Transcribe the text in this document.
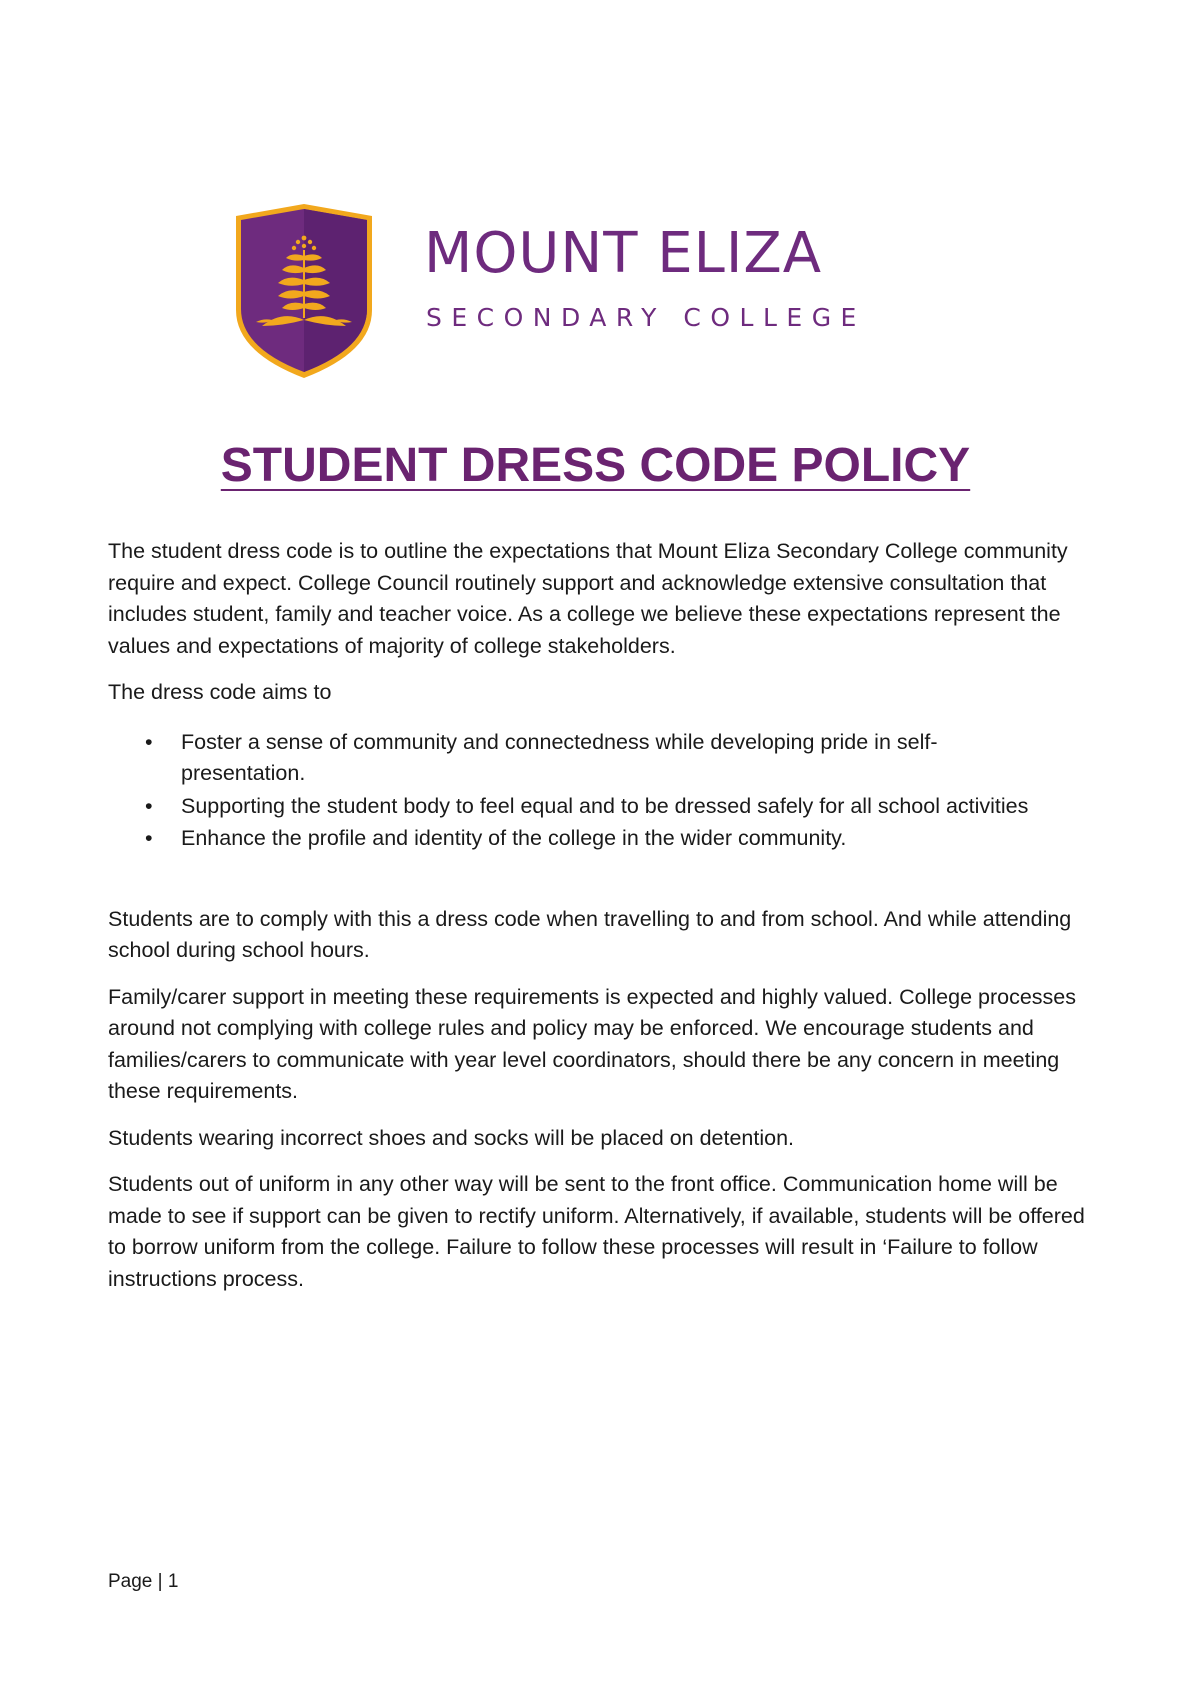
MOUNT ELIZA
SECONDARY COLLEGE
STUDENT DRESS CODE POLICY

The student dress code is to outline the expectations that Mount Eliza Secondary College community require and expect. College Council routinely support and acknowledge extensive consultation that includes student, family and teacher voice. As a college we believe these expectations represent the values and expectations of majority of college stakeholders.

The dress code aims to

• Foster a sense of community and connectedness while developing pride in self-presentation.
• Supporting the student body to feel equal and to be dressed safely for all school activities
• Enhance the profile and identity of the college in the wider community.

Students are to comply with this a dress code when travelling to and from school. And while attending school during school hours.

Family/carer support in meeting these requirements is expected and highly valued. College processes around not complying with college rules and policy may be enforced. We encourage students and families/carers to communicate with year level coordinators, should there be any concern in meeting these requirements.

Students wearing incorrect shoes and socks will be placed on detention.

Students out of uniform in any other way will be sent to the front office. Communication home will be made to see if support can be given to rectify uniform. Alternatively, if available, students will be offered to borrow uniform from the college. Failure to follow these processes will result in ‘Failure to follow instructions process.

Page | 1
